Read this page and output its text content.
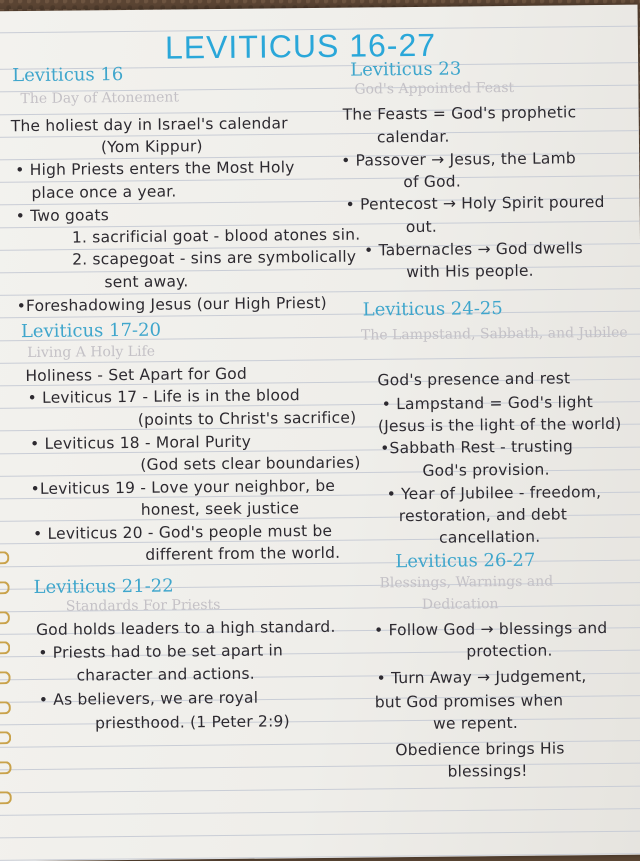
LEVITICUS 16-27
Leviticus 16
The Day of Atonement
The holiest day in Israel's calendar
(Yom Kippur)
• High Priests enters the Most Holy
place once a year.
• Two goats
1. sacrificial goat - blood atones sin.
2. scapegoat - sins are symbolically
sent away.
•Foreshadowing Jesus (our High Priest)
Leviticus 17-20
Living A Holy Life
Holiness - Set Apart for God
• Leviticus 17 - Life is in the blood
(points to Christ's sacrifice)
• Leviticus 18 - Moral Purity
(God sets clear boundaries)
•Leviticus 19 - Love your neighbor, be
honest, seek justice
• Leviticus 20 - God's people must be
different from the world.
Leviticus 21-22
Standards For Priests
God holds leaders to a high standard.
• Priests had to be set apart in
character and actions.
• As believers, we are royal
priesthood. (1 Peter 2:9)
Leviticus 23
God's Appointed Feast
The Feasts = God's prophetic
calendar.
• Passover → Jesus, the Lamb
of God.
• Pentecost → Holy Spirit poured
out.
• Tabernacles → God dwells
with His people.
Leviticus 24-25
The Lampstand, Sabbath, and Jubilee
God's presence and rest
• Lampstand = God's light
(Jesus is the light of the world)
•Sabbath Rest - trusting
God's provision.
• Year of Jubilee - freedom,
restoration, and debt
cancellation.
Leviticus 26-27
Blessings, Warnings and
Dedication
• Follow God → blessings and
protection.
• Turn Away → Judgement,
but God promises when
we repent.
Obedience brings His
blessings!
